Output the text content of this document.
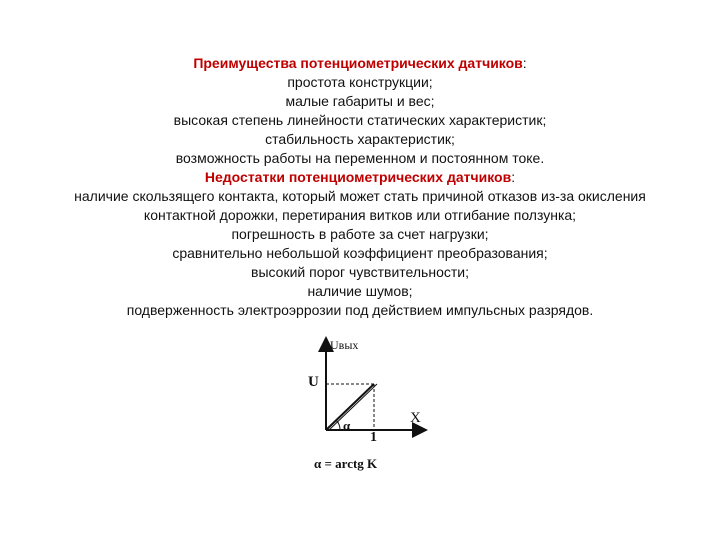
Преимущества потенциометрических датчиков:
простота конструкции;
малые габариты и вес;
высокая степень линейности статических характеристик;
стабильность характеристик;
возможность работы на переменном и постоянном токе.
Недостатки потенциометрических датчиков:
наличие скользящего контакта, который может стать причиной отказов из-за окисления
контактной дорожки, перетирания витков или отгибание ползунка;
погрешность в работе за счет нагрузки;
сравнительно небольшой коэффициент преобразования;
высокий порог чувствительности;
наличие шумов;
подверженность электроэррозии под действием импульсных разрядов.
Uвых
U
X
α
1
α = arctg K
